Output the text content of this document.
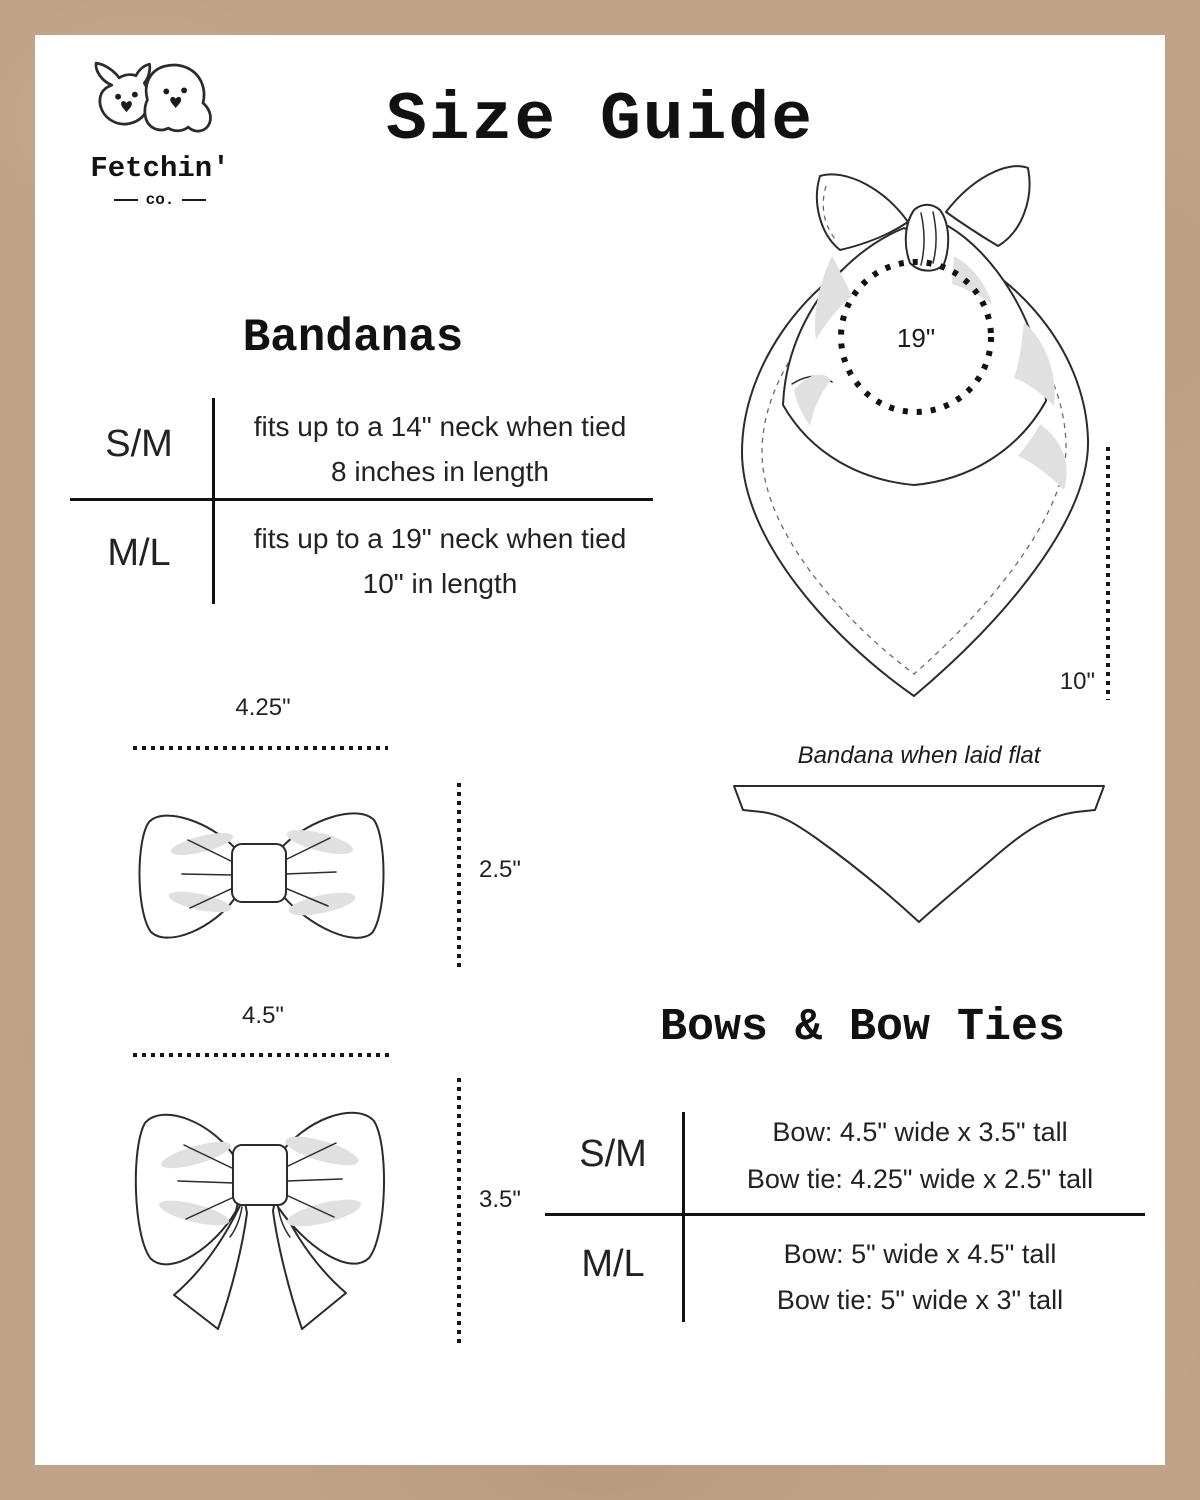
Fetchin'
co.
Size Guide
Bandanas
S/M
M/L
fits up to a 14" neck when tied
8 inches in length
fits up to a 19" neck when tied
10" in length
19"
10"
Bandana when laid flat
4.25"
2.5"
4.5"
3.5"
Bows & Bow Ties
S/M
M/L
Bow: 4.5" wide x 3.5" tall
Bow tie: 4.25" wide x 2.5" tall
Bow: 5" wide x 4.5" tall
Bow tie: 5" wide x 3" tall
